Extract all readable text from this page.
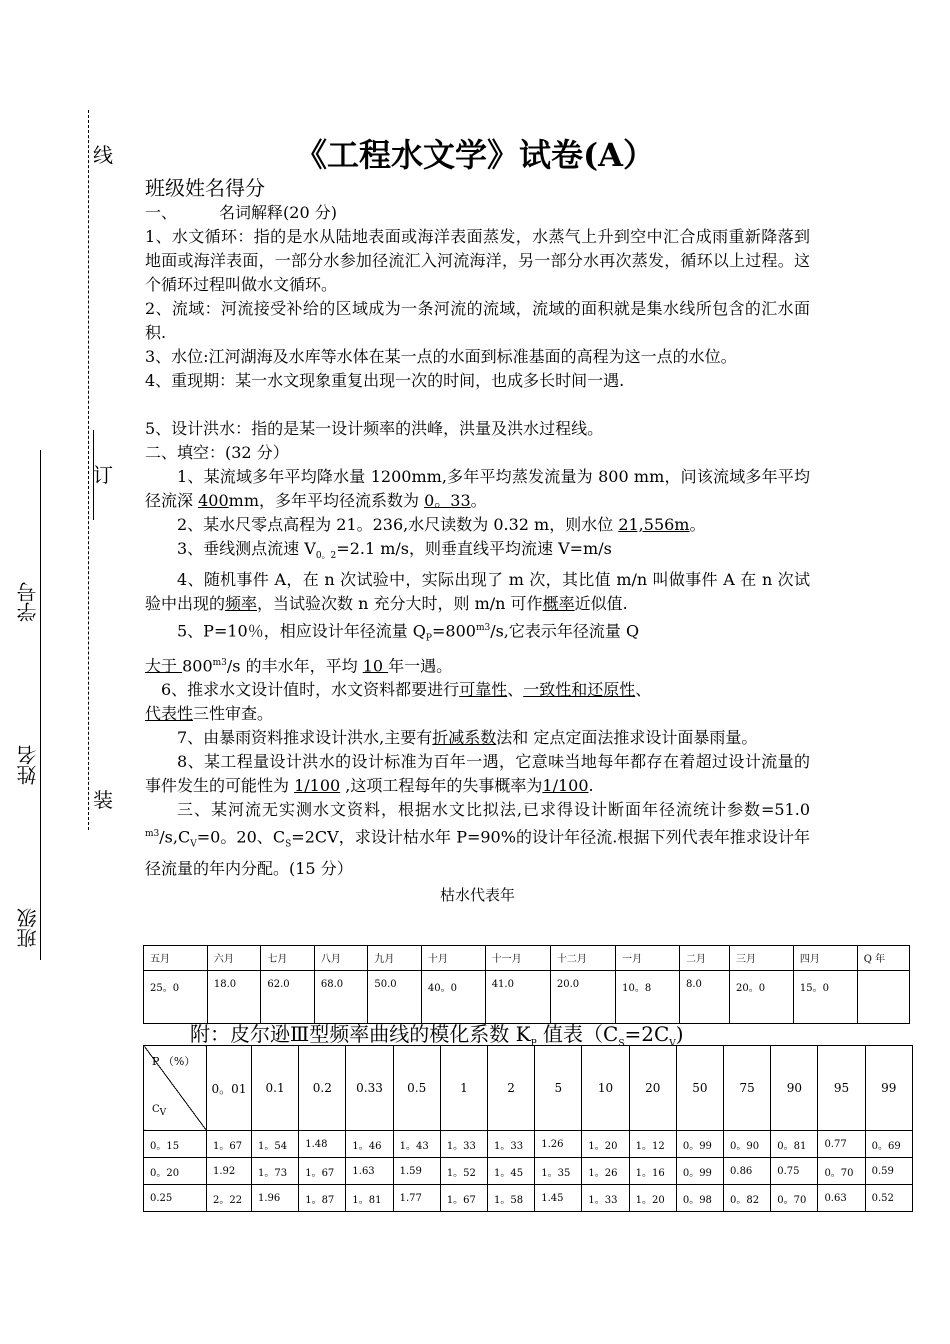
班级
姓名
学号
线
订
装
《工程水文学》试卷(A）

班级姓名得分

一、	名词解释(20 分)

1、水文循环：指的是水从陆地表面或海洋表面蒸发，水蒸气上升到空中汇合成雨重新降落到地面或海洋表面，一部分水参加径流汇入河流海洋，另一部分水再次蒸发，循环以上过程。这个循环过程叫做水文循环。

2、流域：河流接受补给的区域成为一条河流的流域，流域的面积就是集水线所包含的汇水面积.

3、水位:江河湖海及水库等水体在某一点的水面到标准基面的高程为这一点的水位。

4、重现期：某一水文现象重复出现一次的时间，也成多长时间一遇.

5、设计洪水：指的是某一设计频率的洪峰，洪量及洪水过程线。

二、填空：(32 分）

1、某流域多年平均降水量 1200mm,多年平均蒸发流量为 800 mm，问该流域多年平均径流深 400mm，多年平均径流系数为 0。33。

2、某水尺零点高程为 21。236,水尺读数为 0.32 m，则水位 21,556m。

3、垂线测点流速 $V_{0。2}=2.1$ m/s，则垂直线平均流速 V=m/s

4、随机事件 A，在 n 次试验中，实际出现了 m 次，其比值 m/n 叫做事件 A 在 n 次试验中出现的频率，当试验次数 n 充分大时，则 m/n 可作概率近似值.

5、P=10％，相应设计年径流量 $Q_P=800^{m3}/s$,它表示年径流量 Q
大于 $800^{m3}/s$ 的丰水年，平均 10 年一遇。

6、推求水文设计值时，水文资料都要进行可靠性、一致性和还原性、
代表性三性审查。

7、由暴雨资料推求设计洪水,主要有折减系数法和 定点定面法推求设计面暴雨量。

8、某工程量设计洪水的设计标准为百年一遇，它意味当地每年都存在着超过设计流量的事件发生的可能性为 1/100 ,这项工程每年的失事概率为1/100.

三、某河流无实测水文资料，根据水文比拟法,已求得设计断面年径流统计参数=51.0 $^{m3}/s,C_V=0$。20、$C_S=2CV$，求设计枯水年 P=90%的设计年径流.根据下列代表年推求设计年径流量的年内分配。(15 分）

枯水代表年
五月	六月	七月	八月	九月	十月	十一月	十二月	一月	二月	三月	四月	Q 年
25。0	18.0	62.0	68.0	50.0	40。0	41.0	20.0	10。8	8.0	20。0	15。0	
附：皮尔逊Ⅲ型频率曲线的模化系数 $K_P$ 值表$(C_S=2C_V)$
P （%）
$C_V$	0。01	0.1	0.2	0.33	0.5	1	2	5	10	20	50	75	90	95	99
0。15	1。67	1。54	1.48	1。46	1。43	1。33	1。33	1.26	1。20	1。12	0。99	0。90	0。81	0.77	0。69
0。20	1.92	1。73	1。67	1.63	1.59	1。52	1。45	1。35	1。26	1。16	0。99	0.86	0.75	0。70	0.59
0.25	2。22	1.96	1。87	1。81	1.77	1。67	1。58	1.45	1。33	1。20	0。98	0。82	0。70	0.63	0.52
